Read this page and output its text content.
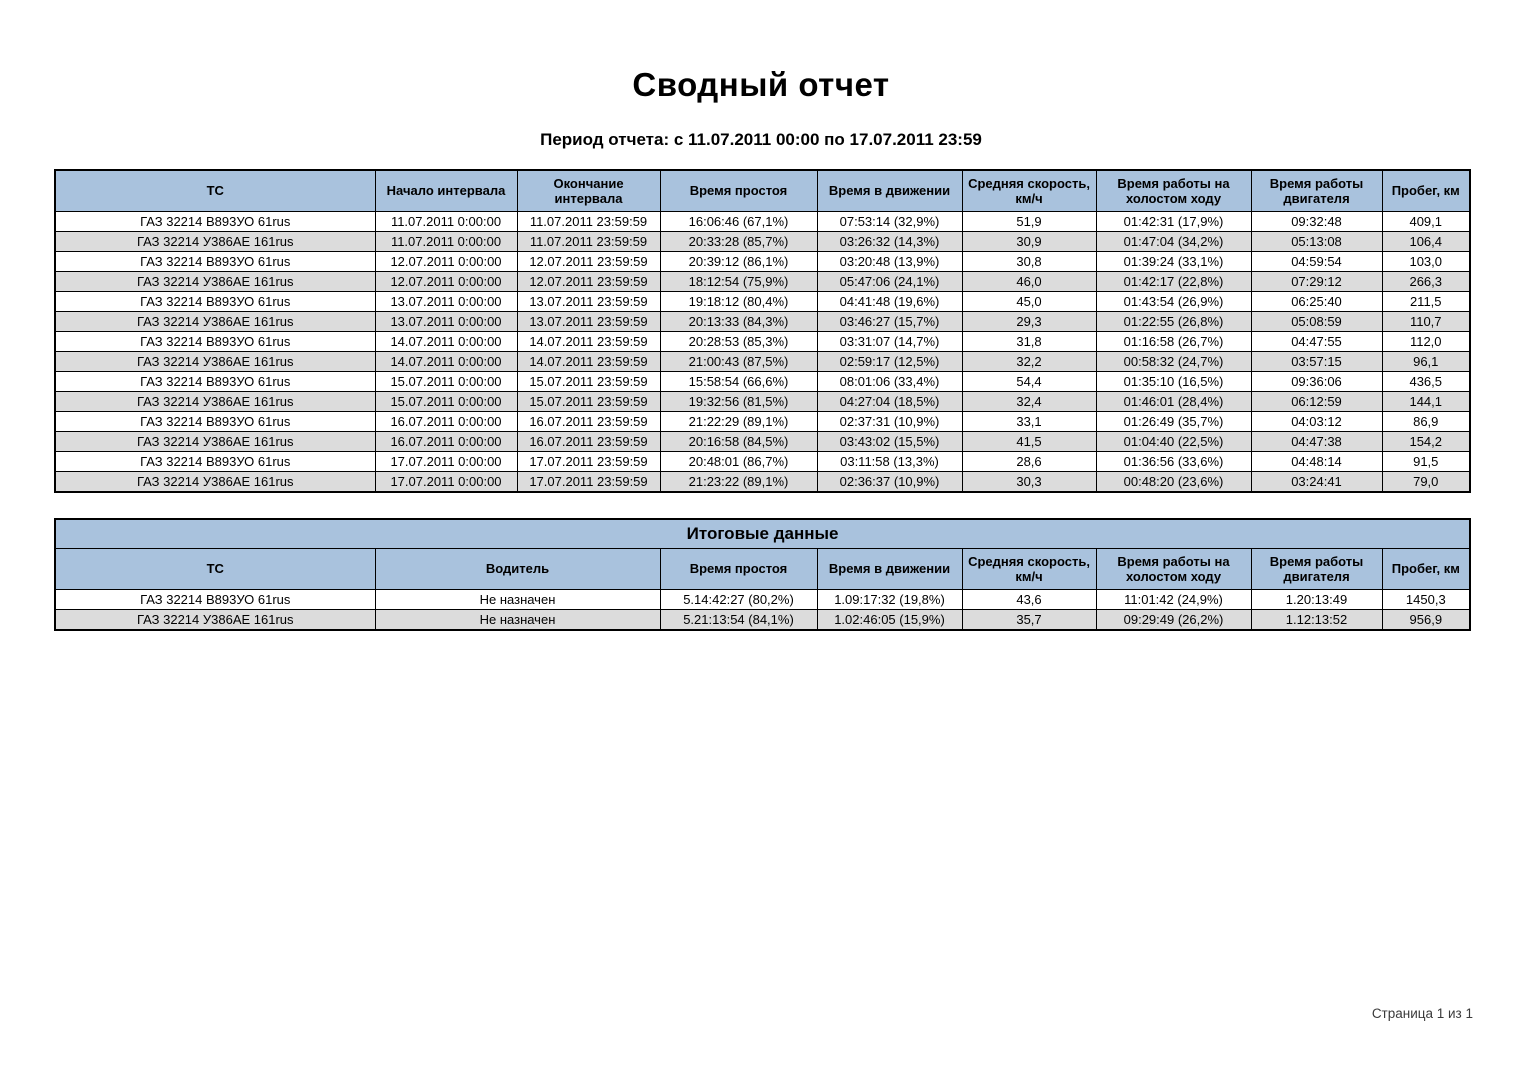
Сводный отчет
Период отчета: с 11.07.2011 00:00 по 17.07.2011 23:59
ТС	Начало интервала	Окончание интервала	Время простоя	Время в движении	Средняя скорость, км/ч	Время работы на холостом ходу	Время работы двигателя	Пробег, км
ГАЗ 32214 В893УО 61rus	11.07.2011 0:00:00	11.07.2011 23:59:59	16:06:46 (67,1%)	07:53:14 (32,9%)	51,9	01:42:31 (17,9%)	09:32:48	409,1
ГАЗ 32214 У386АЕ 161rus	11.07.2011 0:00:00	11.07.2011 23:59:59	20:33:28 (85,7%)	03:26:32 (14,3%)	30,9	01:47:04 (34,2%)	05:13:08	106,4
ГАЗ 32214 В893УО 61rus	12.07.2011 0:00:00	12.07.2011 23:59:59	20:39:12 (86,1%)	03:20:48 (13,9%)	30,8	01:39:24 (33,1%)	04:59:54	103,0
ГАЗ 32214 У386АЕ 161rus	12.07.2011 0:00:00	12.07.2011 23:59:59	18:12:54 (75,9%)	05:47:06 (24,1%)	46,0	01:42:17 (22,8%)	07:29:12	266,3
ГАЗ 32214 В893УО 61rus	13.07.2011 0:00:00	13.07.2011 23:59:59	19:18:12 (80,4%)	04:41:48 (19,6%)	45,0	01:43:54 (26,9%)	06:25:40	211,5
ГАЗ 32214 У386АЕ 161rus	13.07.2011 0:00:00	13.07.2011 23:59:59	20:13:33 (84,3%)	03:46:27 (15,7%)	29,3	01:22:55 (26,8%)	05:08:59	110,7
ГАЗ 32214 В893УО 61rus	14.07.2011 0:00:00	14.07.2011 23:59:59	20:28:53 (85,3%)	03:31:07 (14,7%)	31,8	01:16:58 (26,7%)	04:47:55	112,0
ГАЗ 32214 У386АЕ 161rus	14.07.2011 0:00:00	14.07.2011 23:59:59	21:00:43 (87,5%)	02:59:17 (12,5%)	32,2	00:58:32 (24,7%)	03:57:15	96,1
ГАЗ 32214 В893УО 61rus	15.07.2011 0:00:00	15.07.2011 23:59:59	15:58:54 (66,6%)	08:01:06 (33,4%)	54,4	01:35:10 (16,5%)	09:36:06	436,5
ГАЗ 32214 У386АЕ 161rus	15.07.2011 0:00:00	15.07.2011 23:59:59	19:32:56 (81,5%)	04:27:04 (18,5%)	32,4	01:46:01 (28,4%)	06:12:59	144,1
ГАЗ 32214 В893УО 61rus	16.07.2011 0:00:00	16.07.2011 23:59:59	21:22:29 (89,1%)	02:37:31 (10,9%)	33,1	01:26:49 (35,7%)	04:03:12	86,9
ГАЗ 32214 У386АЕ 161rus	16.07.2011 0:00:00	16.07.2011 23:59:59	20:16:58 (84,5%)	03:43:02 (15,5%)	41,5	01:04:40 (22,5%)	04:47:38	154,2
ГАЗ 32214 В893УО 61rus	17.07.2011 0:00:00	17.07.2011 23:59:59	20:48:01 (86,7%)	03:11:58 (13,3%)	28,6	01:36:56 (33,6%)	04:48:14	91,5
ГАЗ 32214 У386АЕ 161rus	17.07.2011 0:00:00	17.07.2011 23:59:59	21:23:22 (89,1%)	02:36:37 (10,9%)	30,3	00:48:20 (23,6%)	03:24:41	79,0
Итоговые данные							
ТС	Водитель	Время простоя	Время в движении	Средняя скорость, км/ч	Время работы на холостом ходу	Время работы двигателя	Пробег, км
ГАЗ 32214 В893УО 61rus	Не назначен	5.14:42:27 (80,2%)	1.09:17:32 (19,8%)	43,6	11:01:42 (24,9%)	1.20:13:49	1450,3
ГАЗ 32214 У386АЕ 161rus	Не назначен	5.21:13:54 (84,1%)	1.02:46:05 (15,9%)	35,7	09:29:49 (26,2%)	1.12:13:52	956,9
Страница 1 из 1
